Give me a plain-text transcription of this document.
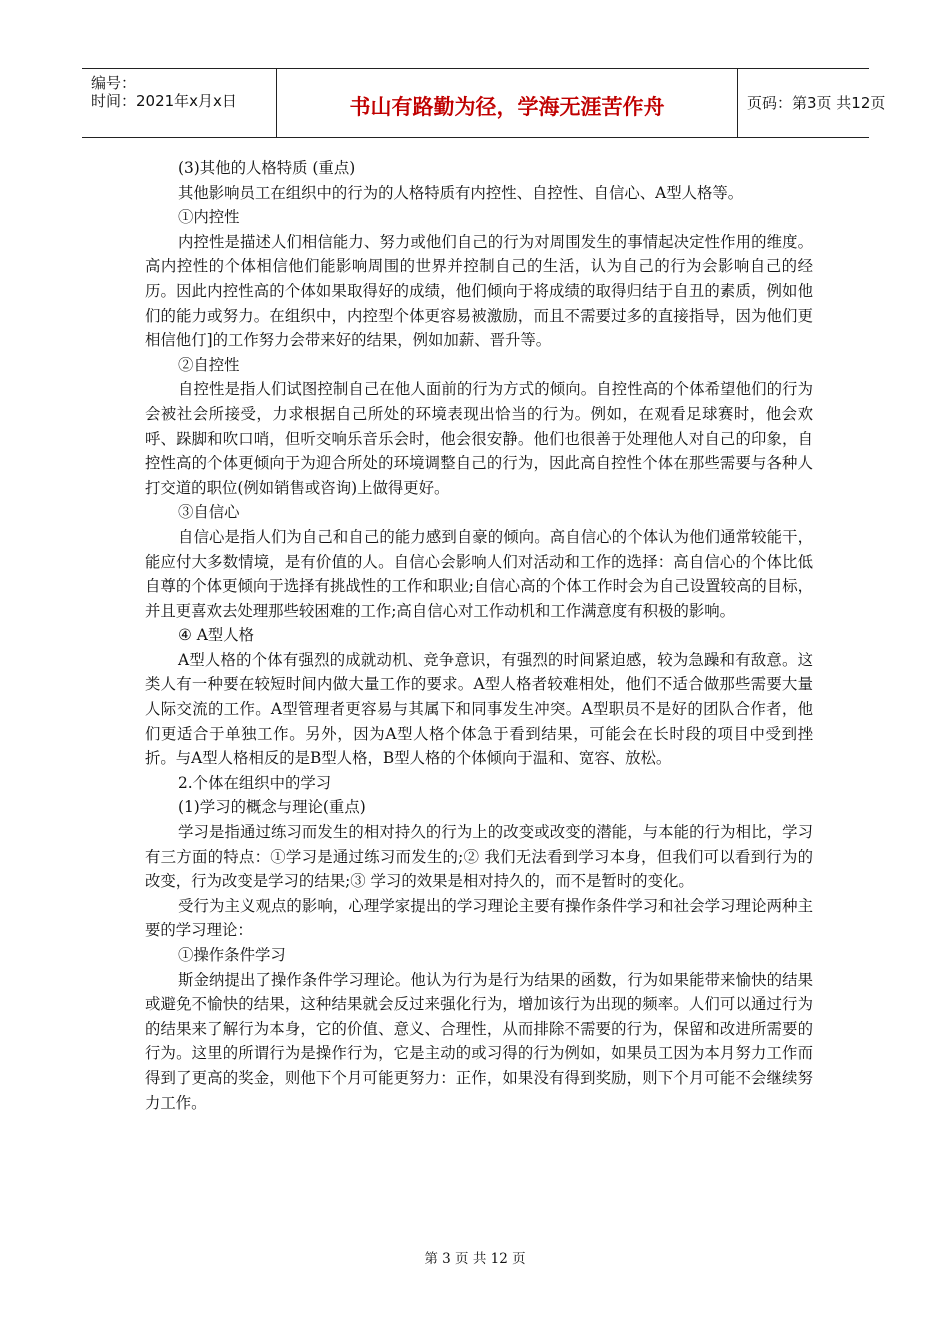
编号：
时间：2021年x月x日	书山有路勤为径，学海无涯苦作舟	页码：第3页 共12页

(3)其他的人格特质 (重点)

其他影响员工在组织中的行为的人格特质有内控性、自控性、自信心、A型人格等。

①内控性

内控性是描述人们相信能力、努力或他们自己的行为对周围发生的事情起决定性作用的维度。高内控性的个体相信他们能影响周围的世界并控制自己的生活，认为自己的行为会影响自己的经历。因此内控性高的个体如果取得好的成绩，他们倾向于将成绩的取得归结于自丑的素质，例如他们的能力或努力。在组织中，内控型个体更容易被激励，而且不需要过多的直接指导，因为他们更相信他仃]的工作努力会带来好的结果，例如加薪、晋升等。

②自控性

自控性是指人们试图控制自己在他人面前的行为方式的倾向。自控性高的个体希望他们的行为会被社会所接受，力求根据自己所处的环境表现出恰当的行为。例如，在观看足球赛时，他会欢呼、跺脚和吹口哨，但听交响乐音乐会时，他会很安静。他们也很善于处理他人对自己的印象，自控性高的个体更倾向于为迎合所处的环境调整自己的行为，因此高自控性个体在那些需要与各种人打交道的职位(例如销售或咨询)上做得更好。

③自信心

自信心是指人们为自己和自己的能力感到自豪的倾向。高自信心的个体认为他们通常较能干，能应付大多数情境，是有价值的人。自信心会影响人们对活动和工作的选择：高自信心的个体比低自尊的个体更倾向于选择有挑战性的工作和职业;自信心高的个体工作时会为自己设置较高的目标，并且更喜欢去处理那些较困难的工作;高自信心对工作动机和工作满意度有积极的影响。

④ A型人格

A型人格的个体有强烈的成就动机、竞争意识，有强烈的时间紧迫感，较为急躁和有敌意。这类人有一种要在较短时间内做大量工作的要求。A型人格者较难相处，他们不适合做那些需要大量人际交流的工作。A型管理者更容易与其属下和同事发生冲突。A型职员不是好的团队合作者，他们更适合于单独工作。另外，因为A型人格个体急于看到结果，可能会在长时段的项目中受到挫折。与A型人格相反的是B型人格，B型人格的个体倾向于温和、宽容、放松。

2.个体在组织中的学习

(1)学习的概念与理论(重点)

学习是指通过练习而发生的相对持久的行为上的改变或改变的潜能，与本能的行为相比，学习有三方面的特点：①学习是通过练习而发生的;② 我们无法看到学习本身，但我们可以看到行为的改变，行为改变是学习的结果;③ 学习的效果是相对持久的，而不是暂时的变化。

受行为主义观点的影响，心理学家提出的学习理论主要有操作条件学习和社会学习理论两种主要的学习理论：

①操作条件学习

斯金纳提出了操作条件学习理论。他认为行为是行为结果的函数，行为如果能带来愉快的结果或避免不愉快的结果，这种结果就会反过来强化行为，增加该行为出现的频率。人们可以通过行为的结果来了解行为本身，它的价值、意义、合理性，从而排除不需要的行为，保留和改进所需要的行为。这里的所谓行为是操作行为，它是主动的或习得的行为例如，如果员工因为本月努力工作而得到了更高的奖金，则他下个月可能更努力：正作，如果没有得到奖励，则下个月可能不会继续努力工作。

第 3 页 共 12 页
